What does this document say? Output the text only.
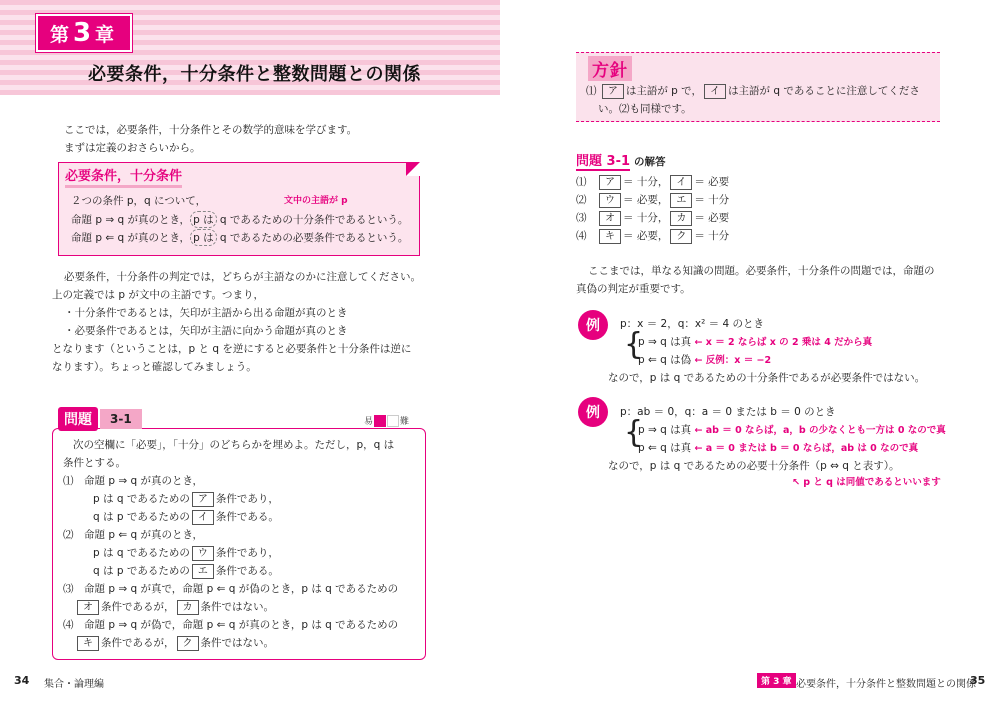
第 3 章
必要条件，十分条件と整数問題との関係
ここでは，必要条件，十分条件とその数学的意味を学びます。
まずは定義のおさらいから。
必要条件，十分条件
文中の主語が p
２つの条件 p，q について，
命題 p ⇒ q が真のとき， p は q であるための十分条件であるという。
命題 p ⇐ q が真のとき， p は q であるための必要条件であるという。
必要条件，十分条件の判定では，どちらが主語なのかに注意してください。
上の定義では p が文中の主語です。つまり，
・十分条件であるとは，矢印が主語から出る命題が真のとき
・必要条件であるとは，矢印が主語に向かう命題が真のとき
となります（ということは，p と q を逆にすると必要条件と十分条件は逆に
なります）。ちょっと確認してみましょう。
次の空欄に「必要」，「十分」のどちらかを埋めよ。ただし，p，q は
条件とする。
⑴　命題 p ⇒ q が真のとき，
p は q であるための ア 条件であり，
q は p であるための イ 条件である。
⑵　命題 p ⇐ q が真のとき，
p は q であるための ウ 条件であり，
q は p であるための エ 条件である。
⑶　命題 p ⇒ q が真で，命題 p ⇐ q が偽のとき，p は q であるための
オ 条件であるが， カ 条件ではない。
⑷　命題 p ⇒ q が偽で，命題 p ⇐ q が真のとき，p は q であるための
キ 条件であるが， ク 条件ではない。
問題	3-1	易	難
34 集合・論理編
⑴ ア は主語が p で， イ は主語が q であることに注意してくださ
い。⑵も同様です。
方針
問題 3-1 の解答
⑴　 ア ＝ 十分， イ ＝ 必要
⑵　 ウ ＝ 必要， エ ＝ 十分
⑶　 オ ＝ 十分， カ ＝ 必要
⑷　 キ ＝ 必要， ク ＝ 十分
ここまでは，単なる知識の問題。必要条件，十分条件の問題では，命題の
真偽の判定が重要です。
例	p：x ＝ 2，q：x² ＝ 4 のとき
{
p ⇒ q は真 ← x ＝ 2 ならば x の 2 乗は 4 だから真
p ⇐ q は偽 ← 反例：x ＝ −2
なので，p は q であるための十分条件であるが必要条件ではない。
例	p：ab ＝ 0，q：a ＝ 0 または b ＝ 0 のとき
{
p ⇒ q は真 ← ab ＝ 0 ならば，a，b の少なくとも一方は 0 なので真
p ⇐ q は真 ← a ＝ 0 または b ＝ 0 ならば，ab は 0 なので真
なので，p は q であるための必要十分条件（p ⇔ q と表す）。
↖ p と q は同値であるといいます
第 3 章 必要条件，十分条件と整数問題との関係
35
